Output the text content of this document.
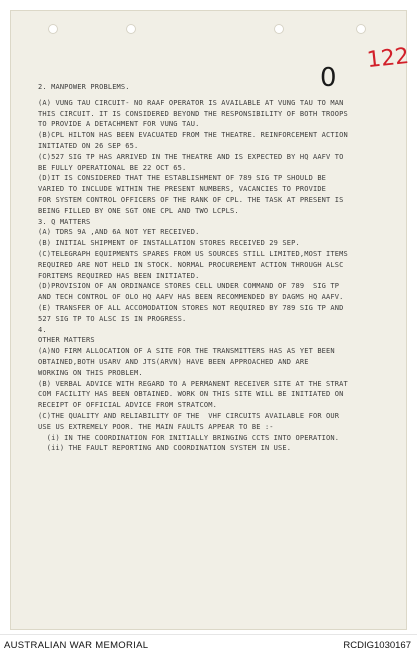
0
122
2. MANPOWER PROBLEMS.
(A) VUNG TAU CIRCUIT- NO RAAF OPERATOR IS AVAILABLE AT VUNG TAU TO MAN
THIS CIRCUIT. IT IS CONSIDERED BEYOND THE RESPONSIBILITY OF BOTH TROOPS
TO PROVIDE A DETACHMENT FOR VUNG TAU.
(B)CPL HILTON HAS BEEN EVACUATED FROM THE THEATRE. REINFORCEMENT ACTION
INITIATED ON 26 SEP 65.
(C)527 SIG TP HAS ARRIVED IN THE THEATRE AND IS EXPECTED BY HQ AAFV TO
BE FULLY OPERATIONAL BE 22 OCT 65.
(D)IT IS CONSIDERED THAT THE ESTABLISHMENT OF 789 SIG TP SHOULD BE
VARIED TO INCLUDE WITHIN THE PRESENT NUMBERS, VACANCIES TO PROVIDE
FOR SYSTEM CONTROL OFFICERS OF THE RANK OF CPL. THE TASK AT PRESENT IS
BEING FILLED BY ONE SGT ONE CPL AND TWO LCPLS.
3. Q MATTERS
(A) TDRS 9A ,AND 6A NOT YET RECEIVED.
(B) INITIAL SHIPMENT OF INSTALLATION STORES RECEIVED 29 SEP.
(C)TELEGRAPH EQUIPMENTS SPARES FROM US SOURCES STILL LIMITED,MOST ITEMS
REQUIRED ARE NOT HELD IN STOCK. NORMAL PROCUREMENT ACTION THROUGH ALSC
FORITEMS REQUIRED HAS BEEN INITIATED.
(D)PROVISION OF AN ORDINANCE STORES CELL UNDER COMMAND OF 789  SIG TP
AND TECH CONTROL OF OLO HQ AAFV HAS BEEN RECOMMENDED BY DAGMS HQ AAFV.
(E) TRANSFER OF ALL ACCOMODATION STORES NOT REQUIRED BY 789 SIG TP AND
527 SIG TP TO ALSC IS IN PROGRESS.
4.
OTHER MATTERS
(A)NO FIRM ALLOCATION OF A SITE FOR THE TRANSMITTERS HAS AS YET BEEN
OBTAINED,BOTH USARV AND JTS(ARVN) HAVE BEEN APPROACHED AND ARE
WORKING ON THIS PROBLEM.
(B) VERBAL ADVICE WITH REGARD TO A PERMANENT RECEIVER SITE AT THE STRAT
COM FACILITY HAS BEEN OBTAINED. WORK ON THIS SITE WILL BE INITIATED ON
RECEIPT OF OFFICIAL ADVICE FROM STRATCOM.
(C)THE QUALITY AND RELIABILITY OF THE  VHF CIRCUITS AVAILABLE FOR OUR
USE US EXTREMELY POOR. THE MAIN FAULTS APPEAR TO BE :-
(i) IN THE COORDINATION FOR INITIALLY BRINGING CCTS INTO OPERATION.
(ii) THE FAULT REPORTING AND COORDINATION SYSTEM IN USE.
AUSTRALIAN WAR MEMORIAL	RCDIG1030167
